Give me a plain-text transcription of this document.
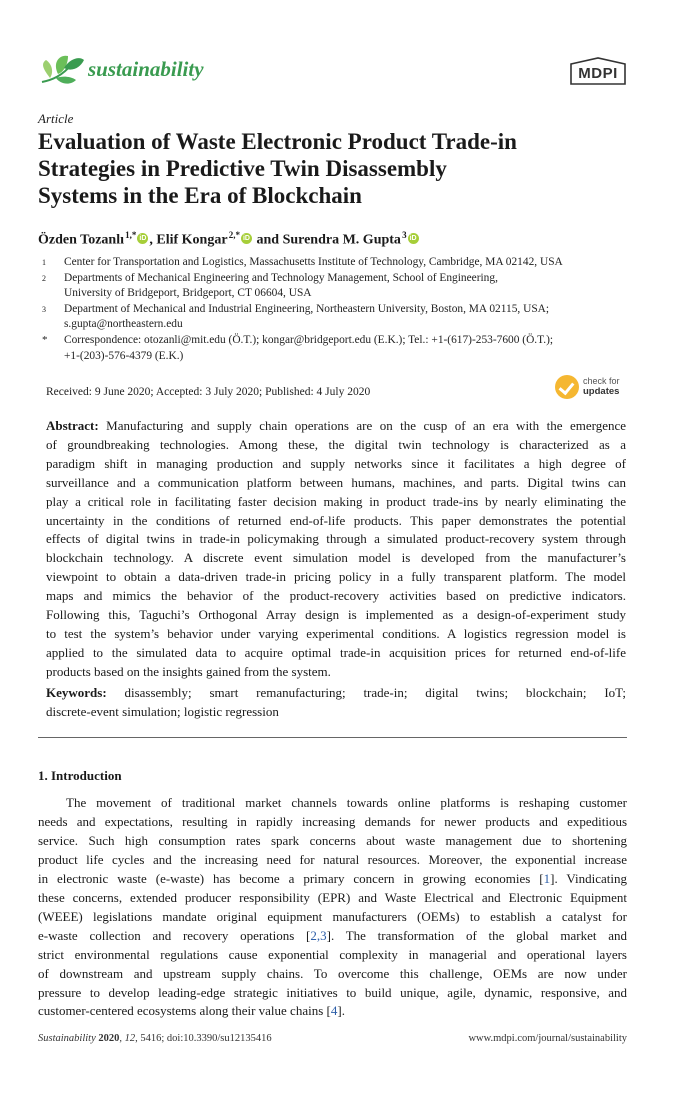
sustainability	MDPI
Article
Evaluation of Waste Electronic Product Trade-in
Strategies in Predictive Twin Disassembly
Systems in the Era of Blockchain
Özden Tozanlı $^{1,*}$ iD , Elif Kongar $^{2,*}$ iD and Surendra M. Gupta $^3$ iD
1 Center for Transportation and Logistics, Massachusetts Institute of Technology, Cambridge, MA 02142, USA
2 Departments of Mechanical Engineering and Technology Management, School of Engineering,
University of Bridgeport, Bridgeport, CT 06604, USA
3 Department of Mechanical and Industrial Engineering, Northeastern University, Boston, MA 02115, USA;
s.gupta@northeastern.edu
* Correspondence: otozanli@mit.edu (Ö.T.); kongar@bridgeport.edu (E.K.); Tel.: +1-(617)-253-7600 (Ö.T.);
+1-(203)-576-4379 (E.K.)
Received: 9 June 2020; Accepted: 3 July 2020; Published: 4 July 2020
check for
updates
Abstract: Manufacturing and supply chain operations are on the cusp of an era with the emergence
of groundbreaking technologies. Among these, the digital twin technology is characterized as a
paradigm shift in managing production and supply networks since it facilitates a high degree of
surveillance and a communication platform between humans, machines, and parts. Digital twins can
play a critical role in facilitating faster decision making in product trade-ins by nearly eliminating the
uncertainty in the conditions of returned end-of-life products. This paper demonstrates the potential
effects of digital twins in trade-in policymaking through a simulated product-recovery system through
blockchain technology. A discrete event simulation model is developed from the manufacturer’s
viewpoint to obtain a data-driven trade-in pricing policy in a fully transparent platform. The model
maps and mimics the behavior of the product-recovery activities based on predictive indicators.
Following this, Taguchi’s Orthogonal Array design is implemented as a design-of-experiment study
to test the system’s behavior under varying experimental conditions. A logistics regression model is
applied to the simulated data to acquire optimal trade-in acquisition prices for returned end-of-life
products based on the insights gained from the system.
Keywords: disassembly; smart remanufacturing; trade-in; digital twins; blockchain; IoT;
discrete-event simulation; logistic regression
1. Introduction
The movement of traditional market channels towards online platforms is reshaping customer
needs and expectations, resulting in rapidly increasing demands for newer products and expeditious
service. Such high consumption rates spark concerns about waste management due to shortening
product life cycles and the increasing need for natural resources. Moreover, the exponential increase
in electronic waste (e-waste) has become a primary concern in growing economies [1]. Vindicating
these concerns, extended producer responsibility (EPR) and Waste Electrical and Electronic Equipment
(WEEE) legislations mandate original equipment manufacturers (OEMs) to establish a catalyst for
e-waste collection and recovery operations [2,3]. The transformation of the global market and
strict environmental regulations cause exponential complexity in managerial and operational layers
of downstream and upstream supply chains. To overcome this challenge, OEMs are now under
pressure to develop leading-edge strategic initiatives to build unique, agile, dynamic, responsive, and
customer-centered ecosystems along their value chains [4].
Sustainability 2020, 12, 5416; doi:10.3390/su12135416	www.mdpi.com/journal/sustainability
